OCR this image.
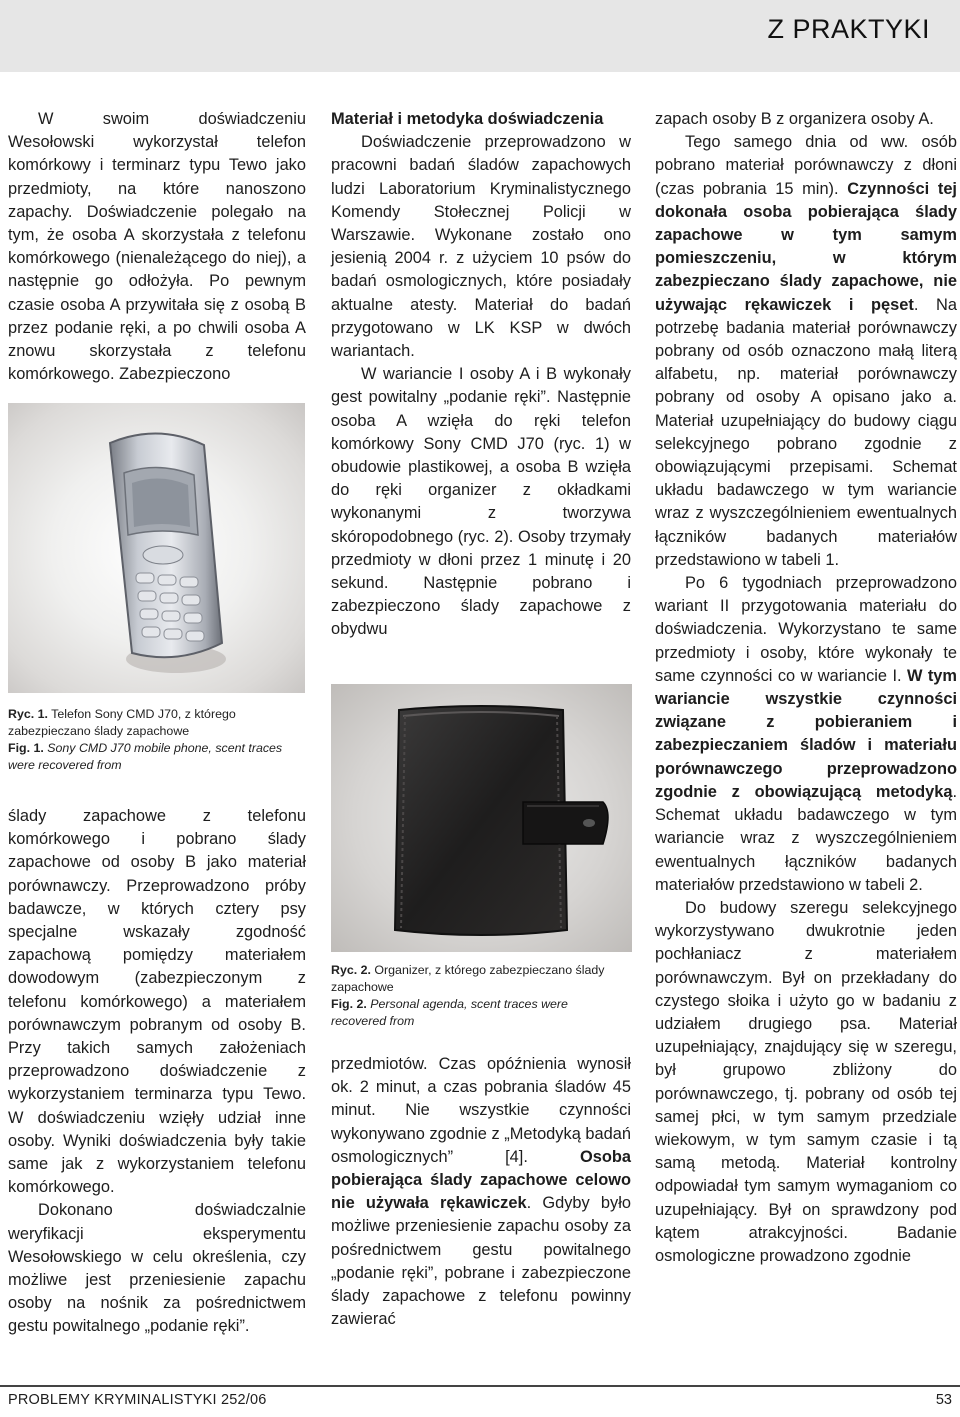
Z PRAKTYKI

W swoim doświadczeniu Wesołowski wykorzystał telefon komórkowy i terminarz typu Tewo jako przedmioty, na które nanoszono zapachy. Doświadczenie polegało na tym, że osoba A skorzystała z telefonu komórkowego (nienależącego do niej), a następnie go odłożyła. Po pewnym czasie osoba A przywitała się z osobą B przez podanie ręki, a po chwili osoba A znowu skorzystała z telefonu komórkowego. Zabezpieczono

Ryc. 1. Telefon Sony CMD J70, z którego zabezpieczano ślady zapachowe
Fig. 1. Sony CMD J70 mobile phone, scent traces were recovered from

ślady zapachowe z telefonu komórkowego i pobrano ślady zapachowe od osoby B jako materiał porównawczy. Przeprowadzono próby badawcze, w których cztery psy specjalne wskazały zgodność zapachową pomiędzy materiałem dowodowym (zabezpieczonym z telefonu komórkowego) a materiałem porównawczym pobranym od osoby B. Przy takich samych założeniach przeprowadzono doświadczenie z wykorzystaniem terminarza typu Tewo. W doświadczeniu wzięły udział inne osoby. Wyniki doświadczenia były takie same jak z wykorzystaniem telefonu komórkowego.

Dokonano doświadczalnie weryfikacji eksperymentu Wesołowskiego w celu określenia, czy możliwe jest przeniesienie zapachu osoby na nośnik za pośrednictwem gestu powitalnego „podanie ręki”.

Materiał i metodyka doświadczenia

Doświadczenie przeprowadzono w pracowni badań śladów zapachowych ludzi Laboratorium Kryminalistycznego Komendy Stołecznej Policji w Warszawie. Wykonane zostało ono jesienią 2004 r. z użyciem 10 psów do badań osmologicznych, które posiadały aktualne atesty. Materiał do badań przygotowano w LK KSP w dwóch wariantach.

W wariancie I osoby A i B wykonały gest powitalny „podanie ręki”. Następnie osoba A wzięła do ręki telefon komórkowy Sony CMD J70 (ryc. 1) w obudowie plastikowej, a osoba B wzięła do ręki organizer z okładkami wykonanymi z tworzywa skóropodobnego (ryc. 2). Osoby trzymały przedmioty w dłoni przez 1 minutę i 20 sekund. Następnie pobrano i zabezpieczono ślady zapachowe z obydwu

Ryc. 2. Organizer, z którego zabezpieczano ślady zapachowe
Fig. 2. Personal agenda, scent traces were recovered from

przedmiotów. Czas opóźnienia wynosił ok. 2 minut, a czas pobrania śladów 45 minut. Nie wszystkie czynności wykonywano zgodnie z „Metodyką badań osmologicznych” [4].	Osoba pobierająca ślady zapachowe celowo nie używała rękawiczek. Gdyby było możliwe przeniesienie zapachu osoby za pośrednictwem gestu powitalnego „podanie ręki”, pobrane i zabezpieczone ślady zapachowe z telefonu powinny zawierać

zapach osoby B z organizera osoby A.

Tego samego dnia od ww. osób pobrano materiał porównawczy z dłoni (czas pobrania 15 min). Czynności tej dokonała osoba pobierająca ślady zapachowe w tym samym pomieszczeniu, w którym zabezpieczano ślady zapachowe, nie używając rękawiczek i pęset. Na potrzebę badania materiał porównawczy pobrany od osób oznaczono małą literą alfabetu, np. materiał porównawczy pobrany od osoby A opisano jako a. Materiał uzupełniający do budowy ciągu selekcyjnego pobrano zgodnie z obowiązującymi przepisami. Schemat układu badawczego w tym wariancie wraz z wyszczególnieniem ewentualnych łączników badanych materiałów przedstawiono w tabeli 1.

Po 6 tygodniach przeprowadzono wariant II przygotowania materiału do doświadczenia. Wykorzystano te same przedmioty i osoby, które wykonały te same czynności co w wariancie I. W tym wariancie wszystkie czynności związane z pobieraniem i zabezpieczaniem śladów i materiału porównawczego przeprowadzono zgodnie z obowiązującą metodyką. Schemat układu badawczego w tym wariancie wraz z wyszczególnieniem ewentualnych łączników badanych materiałów przedstawiono w tabeli 2.

Do budowy szeregu selekcyjnego wykorzystywano dwukrotnie jeden pochłaniacz z materiałem porównawczym. Był on przekładany do czystego słoika i użyto go w badaniu z udziałem drugiego psa. Materiał uzupełniający, znajdujący się w szeregu, był grupowo zbliżony do porównawczego, tj. pobrany od osób tej samej płci, w tym samym przedziale wiekowym, w tym samym czasie i tą samą metodą. Materiał kontrolny odpowiadał tym samym wymaganiom co uzupełniający. Był on sprawdzony pod kątem atrakcyjności. Badanie osmologiczne prowadzono zgodnie

PROBLEMY KRYMINALISTYKI 252/06	53
